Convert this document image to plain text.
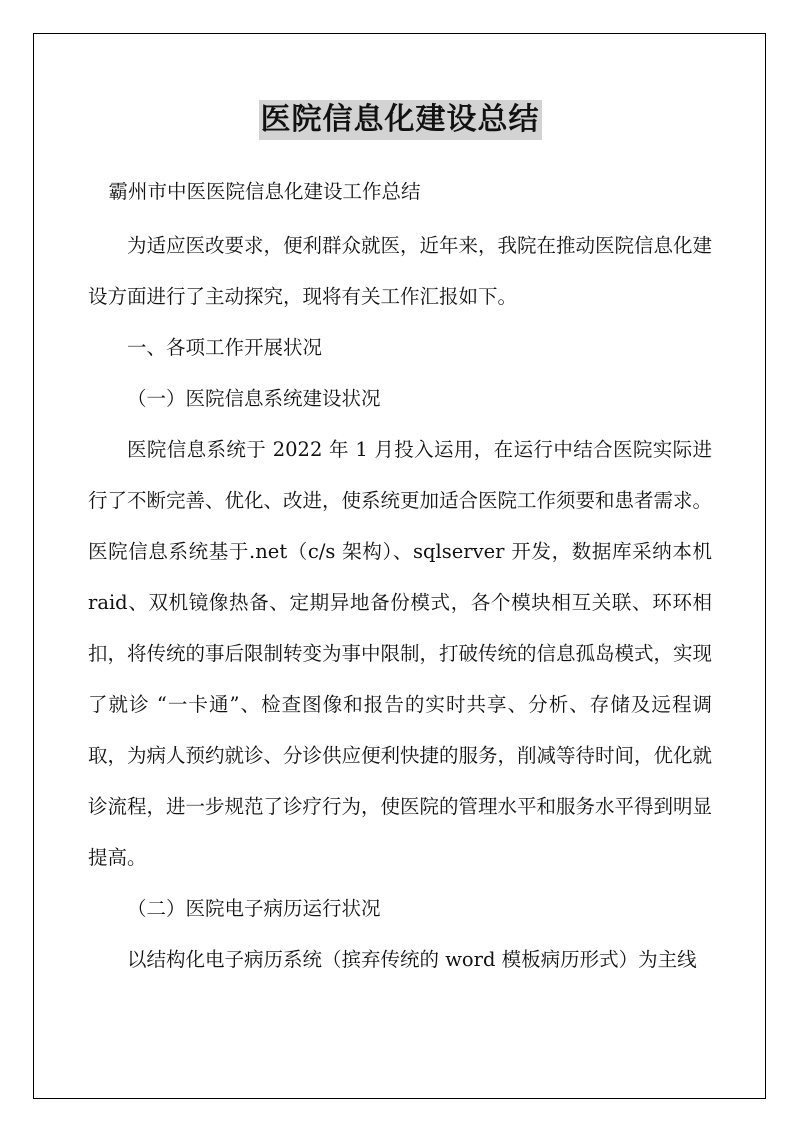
医院信息化建设总结

霸州市中医医院信息化建设工作总结

为适应医改要求，便利群众就医，近年来，我院在推动医院信息化建设方面进行了主动探究，现将有关工作汇报如下。

一、各项工作开展状况

（一）医院信息系统建设状况

医院信息系统于 2022 年 1 月投入运用，在运行中结合医院实际进行了不断完善、优化、改进，使系统更加适合医院工作须要和患者需求。医院信息系统基于.net（c/s 架构）、sqlserver 开发，数据库采纳本机 raid、双机镜像热备、定期异地备份模式，各个模块相互关联、环环相扣，将传统的事后限制转变为事中限制，打破传统的信息孤岛模式，实现了就诊 “一卡通”、检查图像和报告的实时共享、分析、存储及远程调取，为病人预约就诊、分诊供应便利快捷的服务，削减等待时间，优化就诊流程，进一步规范了诊疗行为，使医院的管理水平和服务水平得到明显提高。

（二）医院电子病历运行状况

以结构化电子病历系统（摈弃传统的 word 模板病历形式）为主线
